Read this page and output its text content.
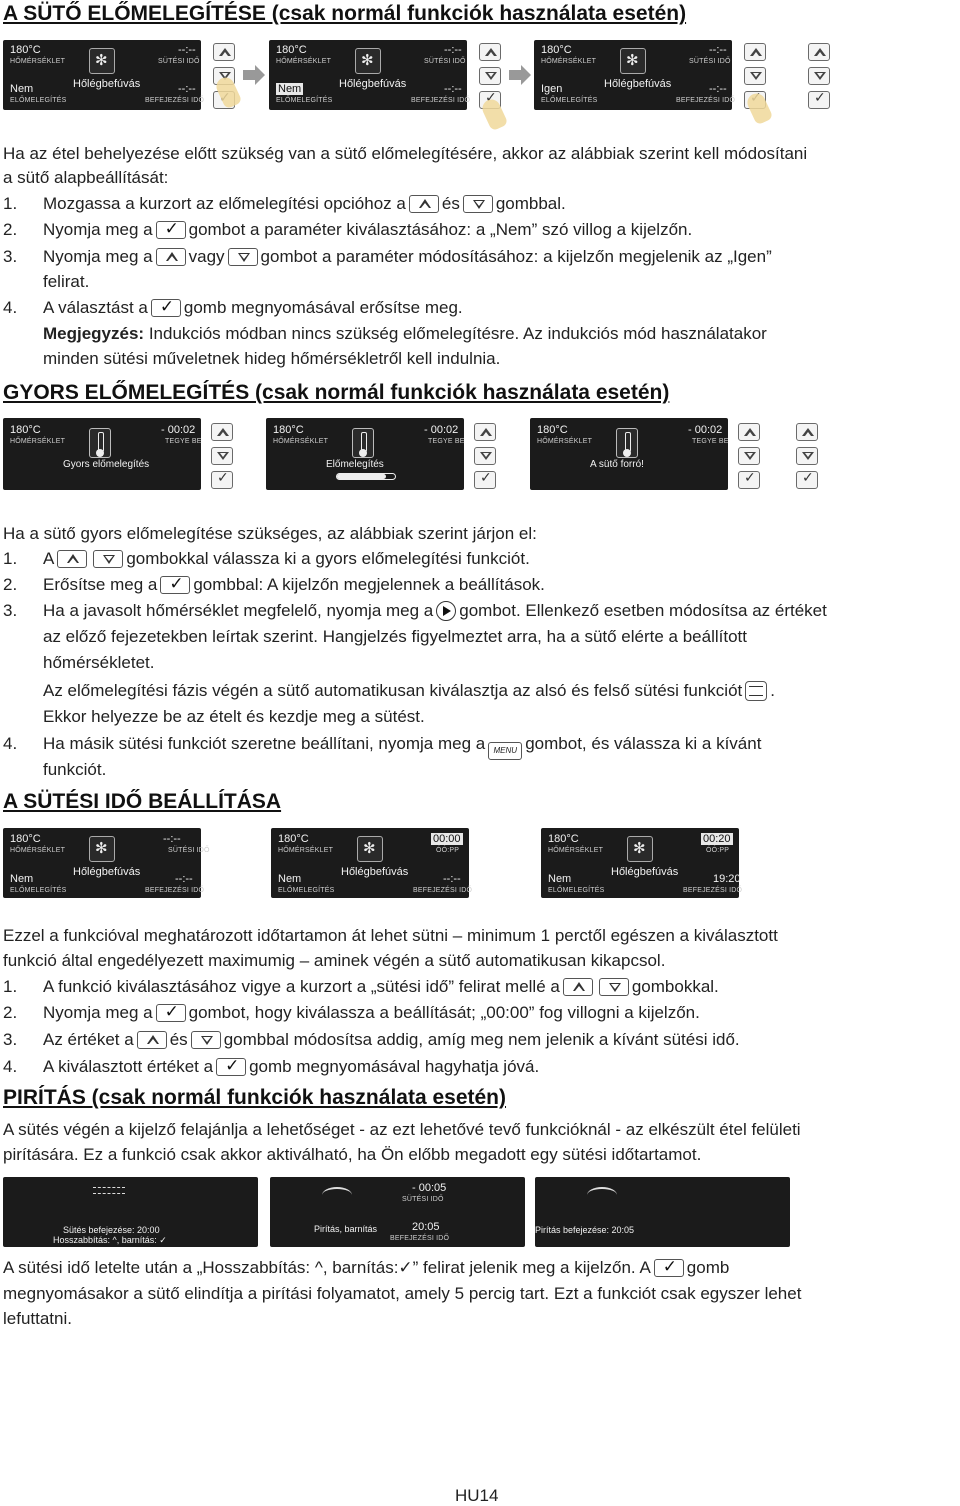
A SÜTŐ ELŐMELEGÍTÉSE (csak normál funkciók használata esetén)
180°C
HŐMÉRSÉKLET
✻
--:--
SÜTÉSI IDŐ
Hőlégbefúvás
Nem
ELŐMELEGÍTÉS
--:--
BEFEJEZÉSI IDŐ
✓
180°C
HŐMÉRSÉKLET
✻
--:--
SÜTÉSI IDŐ
Hőlégbefúvás
Nem
ELŐMELEGÍTÉS
--:--
BEFEJEZÉSI IDŐ
✓
180°C
HŐMÉRSÉKLET
✻
--:--
SÜTÉSI IDŐ
Hőlégbefúvás
Igen
ELŐMELEGÍTÉS
--:--
BEFEJEZÉSI IDŐ
✓
✓
Ha az étel behelyezése előtt szükség van a sütő előmelegítésére, akkor az alábbiak szerint kell módosítani
a sütő alapbeállítását:
1. Mozgassa a kurzort az előmelegítési opcióhoz a és gombbal.
2. Nyomja meg a ✓ gombot a paraméter kiválasztásához: a „Nem” szó villog a kijelzőn.
3. Nyomja meg a vagy gombot a paraméter módosításához: a kijelzőn megjelenik az „Igen”
felirat.
4. A választást a ✓ gomb megnyomásával erősítse meg.
Megjegyzés: Indukciós módban nincs szükség előmelegítésre. Az indukciós mód használatakor
minden sütési műveletnek hideg hőmérsékletről kell indulnia.
GYORS ELŐMELEGÍTÉS (csak normál funkciók használata esetén)
180°C
HŐMÉRSÉKLET
- 00:02
TEGYE BE
Gyors előmelegítés
✓
180°C
HŐMÉRSÉKLET
- 00:02
TEGYE BE
Előmelegítés
✓
180°C
HŐMÉRSÉKLET
- 00:02
TEGYE BE
A sütő forró!
✓
✓
Ha a sütő gyors előmelegítése szükséges, az alábbiak szerint járjon el:
1. A	gombokkal válassza ki a gyors előmelegítési funkciót.
2. Erősítse meg a ✓ gombbal: A kijelzőn megjelennek a beállítások.
3. Ha a javasolt hőmérséklet megfelelő, nyomja meg a gombot. Ellenkező esetben módosítsa az értéket
az előző fejezetekben leírtak szerint. Hangjelzés figyelmeztet arra, ha a sütő elérte a beállított
hőmérsékletet.
Az előmelegítési fázis végén a sütő automatikusan kiválasztja az alsó és felső sütési funkciót .
Ekkor helyezze be az ételt és kezdje meg a sütést.
4. Ha másik sütési funkciót szeretne beállítani, nyomja meg a MENU gombot, és válassza ki a kívánt
funkciót.
A SÜTÉSI IDŐ BEÁLLÍTÁSA
180°C
HŐMÉRSÉKLET
✻
--:--
SÜTÉSI IDŐ
Hőlégbefúvás
Nem
ELŐMELEGÍTÉS
--:--
BEFEJEZÉSI IDŐ
180°C
HŐMÉRSÉKLET
✻
00:00
ÓÓ:PP
Hőlégbefúvás
Nem
ELŐMELEGÍTÉS
--:--
BEFEJEZÉSI IDŐ
180°C
HŐMÉRSÉKLET
✻
00:20
ÓÓ:PP
Hőlégbefúvás
Nem
ELŐMELEGÍTÉS
19:20
BEFEJEZÉSI IDŐ
Ezzel a funkcióval meghatározott időtartamon át lehet sütni – minimum 1 perctől egészen a kiválasztott
funkció által engedélyezett maximumig – aminek végén a sütő automatikusan kikapcsol.
1. A funkció kiválasztásához vigye a kurzort a „sütési idő” felirat mellé a	gombokkal.
2. Nyomja meg a ✓ gombot, hogy kiválassza a beállítását; „00:00” fog villogni a kijelzőn.
3. Az értéket a és gombbal módosítsa addig, amíg meg nem jelenik a kívánt sütési idő.
4. A kiválasztott értéket a ✓ gomb megnyomásával hagyhatja jóvá.
PIRÍTÁS (csak normál funkciók használata esetén)
A sütés végén a kijelző felajánlja a lehetőséget - az ezt lehetővé tevő funkcióknál - az elkészült étel felületi
pirítására. Ez a funkció csak akkor aktiválható, ha Ön előbb megadott egy sütési időtartamot.
Sütés befejezése: 20:00
Hosszabbítás: ^, barnítás: ✓
- 00:05
SÜTÉSI IDŐ
Pirítás, barnítás	20:05
BEFEJEZÉSI IDŐ
Pirítás befejezése: 20:05
A sütési idő letelte után a „Hosszabbítás: ^, barnítás:✓” felirat jelenik meg a kijelzőn. A ✓ gomb
megnyomásakor a sütő elindítja a pirítási folyamatot, amely 5 percig tart. Ezt a funkciót csak egyszer lehet
lefuttatni.
HU14
